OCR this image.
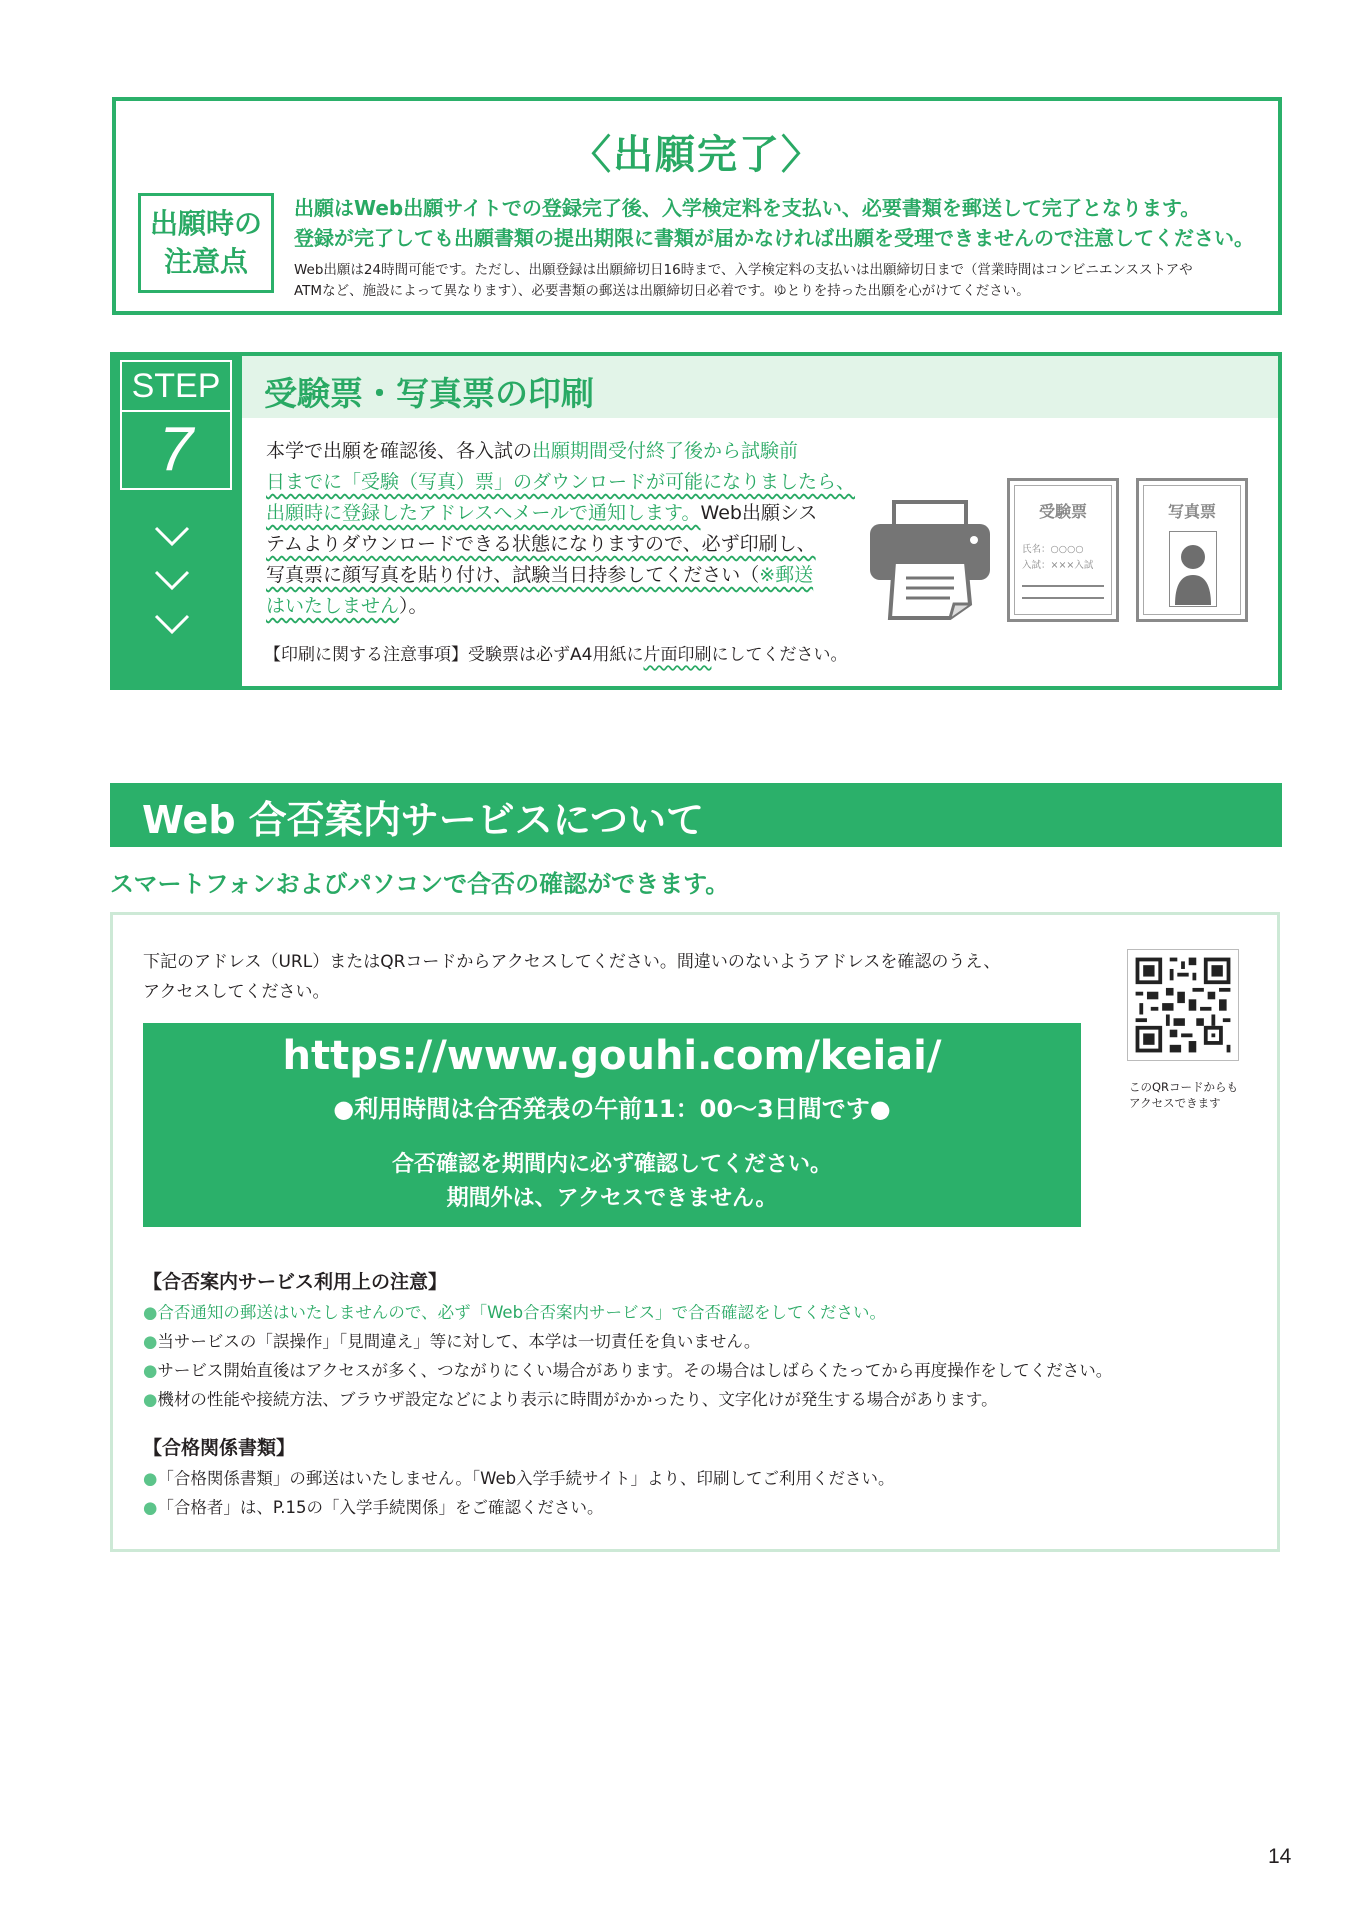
〈出願完了〉
出願時の
注意点
出願はWeb出願サイトでの登録完了後、入学検定料を支払い、必要書類を郵送して完了となります。
登録が完了しても出願書類の提出期限に書類が届かなければ出願を受理できませんので注意してください。
Web出願は24時間可能です。ただし、出願登録は出願締切日16時まで、入学検定料の支払いは出願締切日まで（営業時間はコンビニエンスストアや
ATMなど、施設によって異なります）、必要書類の郵送は出願締切日必着です。ゆとりを持った出願を心がけてください。
STEP
7
受験票・写真票の印刷
本学で出願を確認後、各入試の出願期間受付終了後から試験前
日までに「受験（写真）票」のダウンロードが可能になりましたら、
出願時に登録したアドレスへメールで通知します。Web出願シス
テムよりダウンロードできる状態になりますので、必ず印刷し、
写真票に顔写真を貼り付け、試験当日持参してください（※郵送
はいたしません）。
【印刷に関する注意事項】受験票は必ずA4用紙に片面印刷にしてください。
受験票
氏名：○○○○
入試：×××入試
写真票
Web 合否案内サービスについて
スマートフォンおよびパソコンで合否の確認ができます。
下記のアドレス（URL）またはQRコードからアクセスしてください。間違いのないようアドレスを確認のうえ、
アクセスしてください。
このQRコードからも
アクセスできます
https://www.gouhi.com/keiai/
●利用時間は合否発表の午前11：00～3日間です●
合否確認を期間内に必ず確認してください。
期間外は、アクセスできません。
【合否案内サービス利用上の注意】
●合否通知の郵送はいたしませんので、必ず「Web合否案内サービス」で合否確認をしてください。
●当サービスの「誤操作」「見間違え」等に対して、本学は一切責任を負いません。
●サービス開始直後はアクセスが多く、つながりにくい場合があります。その場合はしばらくたってから再度操作をしてください。
●機材の性能や接続方法、ブラウザ設定などにより表示に時間がかかったり、文字化けが発生する場合があります。
【合格関係書類】
●「合格関係書類」の郵送はいたしません。「Web入学手続サイト」より、印刷してご利用ください。
●「合格者」は、P.15の「入学手続関係」をご確認ください。
14
